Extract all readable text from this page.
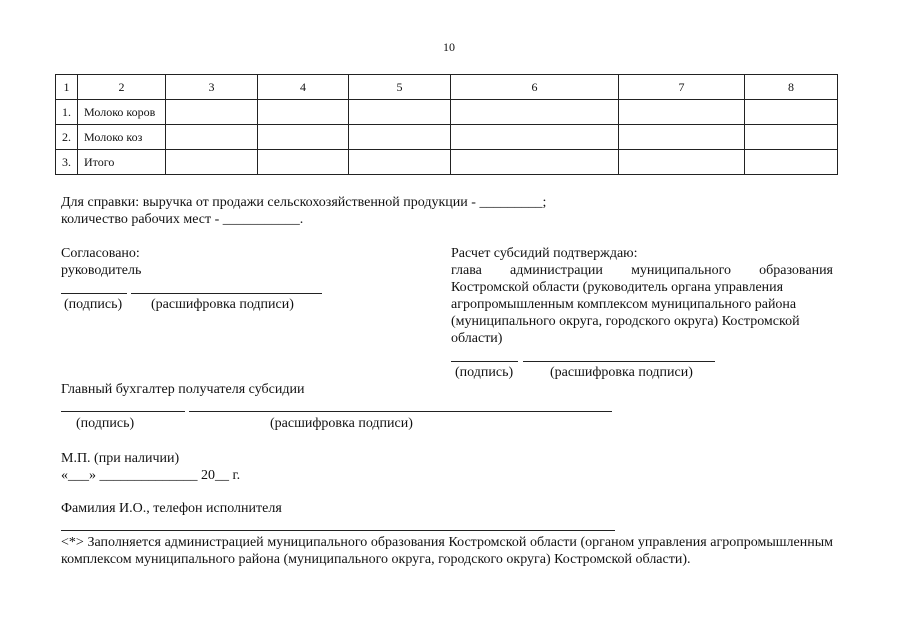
10
1	2	3	4	5	6	7	8
1.	Молоко коров						
2.	Молоко коз						
3.	Итого						
Для справки: выручка от продажи сельскохозяйственной продукции - _________;
количество рабочих мест - ___________.
Согласовано:
руководитель
(подпись) (расшифровка подписи)
Расчет субсидий подтверждаю:
глава администрации муниципального образования
Костромской области (руководитель органа управления агропромышленным комплексом муниципального района (муниципального округа, городского округа) Костромской области)
(подпись)	(расшифровка подписи)
Главный бухгалтер получателя субсидии
(подпись)	(расшифровка подписи)
М.П. (при наличии)
«___» ______________ 20__ г.
Фамилия И.О., телефон исполнителя
<*> Заполняется администрацией муниципального образования Костромской области (органом управления агропромышленным комплексом муниципального района (муниципального округа, городского округа) Костромской области).
